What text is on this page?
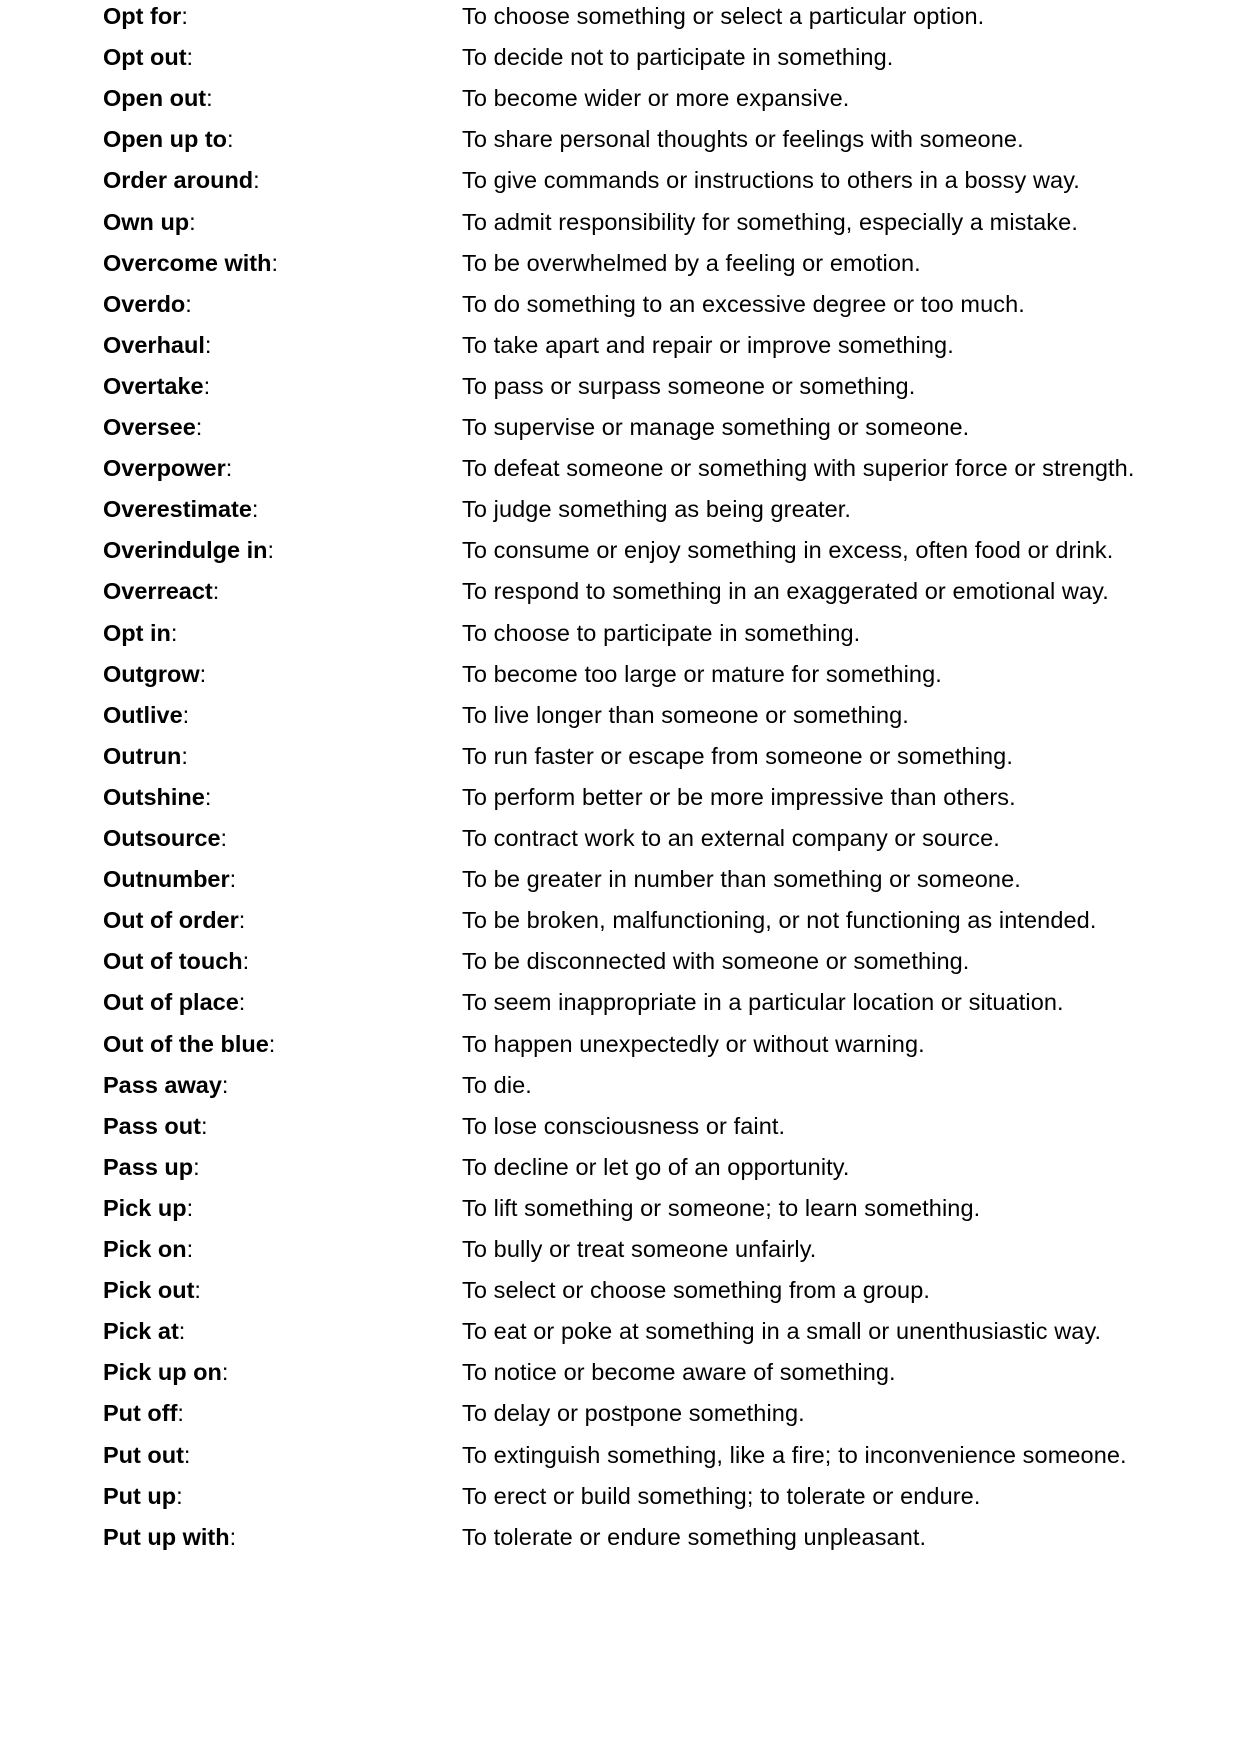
Opt for:	To choose something or select a particular option.
Opt out:	To decide not to participate in something.
Open out:	To become wider or more expansive.
Open up to:	To share personal thoughts or feelings with someone.
Order around:	To give commands or instructions to others in a bossy way.
Own up:	To admit responsibility for something, especially a mistake.
Overcome with:	To be overwhelmed by a feeling or emotion.
Overdo:	To do something to an excessive degree or too much.
Overhaul:	To take apart and repair or improve something.
Overtake:	To pass or surpass someone or something.
Oversee:	To supervise or manage something or someone.
Overpower:	To defeat someone or something with superior force or strength.
Overestimate:	To judge something as being greater.
Overindulge in:	To consume or enjoy something in excess, often food or drink.
Overreact:	To respond to something in an exaggerated or emotional way.
Opt in:	To choose to participate in something.
Outgrow:	To become too large or mature for something.
Outlive:	To live longer than someone or something.
Outrun:	To run faster or escape from someone or something.
Outshine:	To perform better or be more impressive than others.
Outsource:	To contract work to an external company or source.
Outnumber:	To be greater in number than something or someone.
Out of order:	To be broken, malfunctioning, or not functioning as intended.
Out of touch:	To be disconnected with someone or something.
Out of place:	To seem inappropriate in a particular location or situation.
Out of the blue:	To happen unexpectedly or without warning.
Pass away:	To die.
Pass out:	To lose consciousness or faint.
Pass up:	To decline or let go of an opportunity.
Pick up:	To lift something or someone; to learn something.
Pick on:	To bully or treat someone unfairly.
Pick out:	To select or choose something from a group.
Pick at:	To eat or poke at something in a small or unenthusiastic way.
Pick up on:	To notice or become aware of something.
Put off:	To delay or postpone something.
Put out:	To extinguish something, like a fire; to inconvenience someone.
Put up:	To erect or build something; to tolerate or endure.
Put up with:	To tolerate or endure something unpleasant.
